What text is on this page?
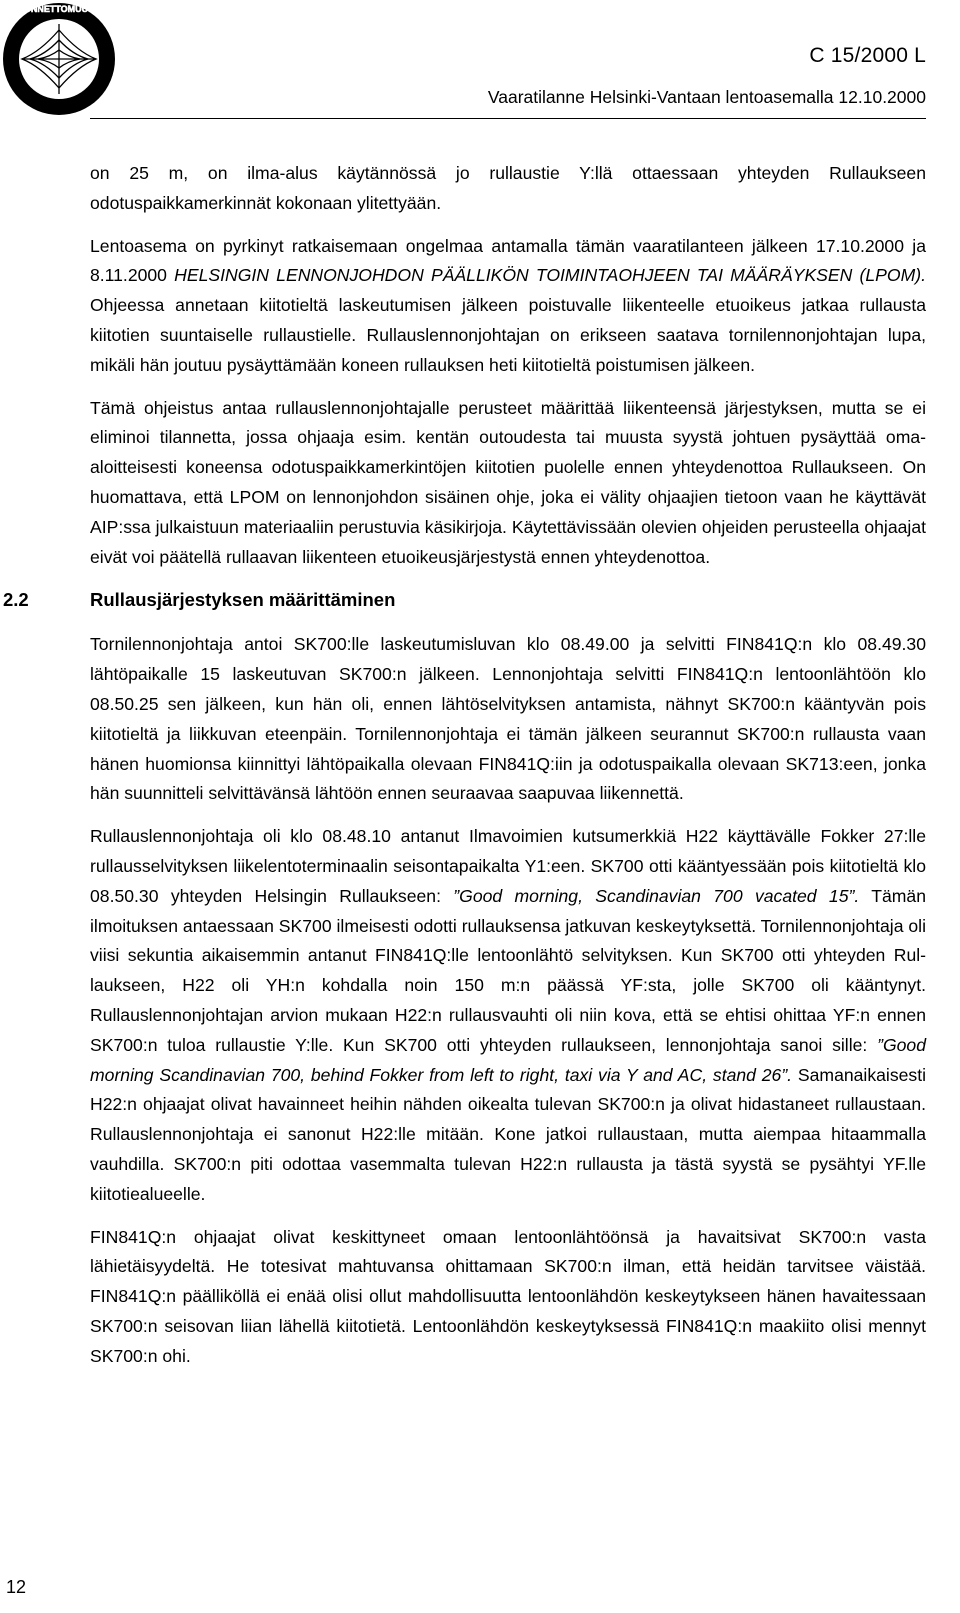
ONNETTOMUUS
C 15/2000 L
Vaaratilanne Helsinki-Vantaan lentoasemalla 12.10.2000

on 25 m, on ilma-alus käytännössä jo rullaustie Y:llä ottaessaan yhteyden Rullaukseen odotuspaikkamerkinnät kokonaan ylitettyään.

Lentoasema on pyrkinyt ratkaisemaan ongelmaa antamalla tämän vaaratilanteen jälkeen 17.10.2000 ja 8.11.2000 HELSINGIN LENNONJOHDON PÄÄLLIKÖN TOIMINTAOHJEEN TAI MÄÄRÄYKSEN (LPOM). Ohjeessa annetaan kiitotieltä laskeutumisen jälkeen poistuvalle liikenteelle etuoikeus jatkaa rullausta kiitotien suuntaiselle rullaustielle. Rullauslennonjohtajan on erikseen saatava tornilennonjohtajan lupa, mikäli hän joutuu pysäyttämään koneen rullauksen heti kiitotieltä poistumisen jälkeen.

Tämä ohjeistus antaa rullauslennonjohtajalle perusteet määrittää liikenteensä järjestyksen, mutta se ei eliminoi tilannetta, jossa ohjaaja esim. kentän outoudesta tai muusta syystä johtuen pysäyttää oma-aloitteisesti koneensa odotuspaikkamerkintöjen kiitotien puolelle ennen yhteydenottoa Rullaukseen. On huomattava, että LPOM on lennonjohdon sisäinen ohje, joka ei välity ohjaajien tietoon vaan he käyttävät AIP:ssa julkaistuun materiaaliin perustuvia käsikirjoja. Käytettävissään olevien ohjeiden perusteella ohjaajat eivät voi päätellä rullaavan liikenteen etuoikeusjärjestystä ennen yhteydenottoa.

2.2	Rullausjärjestyksen määrittäminen

Tornilennonjohtaja antoi SK700:lle laskeutumisluvan klo 08.49.00 ja selvitti FIN841Q:n klo 08.49.30 lähtöpaikalle 15 laskeutuvan SK700:n jälkeen. Lennonjohtaja selvitti FIN841Q:n lentoonlähtöön klo 08.50.25 sen jälkeen, kun hän oli, ennen lähtöselvityksen antamista, nähnyt SK700:n kääntyvän pois kiitotieltä ja liikkuvan eteenpäin. Tornilennonjohtaja ei tämän jälkeen seurannut SK700:n rullausta vaan hänen huomionsa kiinnittyi lähtöpaikalla olevaan FIN841Q:iin ja odotuspaikalla olevaan SK713:een, jonka hän suunnitteli selvittävänsä lähtöön ennen seuraavaa saapuvaa liikennettä.

Rullauslennonjohtaja oli klo 08.48.10 antanut Ilmavoimien kutsumerkkiä H22 käyttävälle Fokker 27:lle rullausselvityksen liikelentoterminaalin seisontapaikalta Y1:een. SK700 otti kääntyessään pois kiitotieltä klo 08.50.30 yhteyden Helsingin Rullaukseen: ”Good morning, Scandinavian 700 vacated 15”. Tämän ilmoituksen antaessaan SK700 ilmeisesti odotti rullauksensa jatkuvan keskeytyksettä. Tornilennonjohtaja oli viisi sekuntia aikaisemmin antanut FIN841Q:lle lentoonlähtö selvityksen. Kun SK700 otti yhteyden Rullaukseen, H22 oli YH:n kohdalla noin 150 m:n päässä YF:sta, jolle SK700 oli kääntynyt. Rullauslennonjohtajan arvion mukaan H22:n rullausvauhti oli niin kova, että se ehtisi ohittaa YF:n ennen SK700:n tuloa rullaustie Y:lle. Kun SK700 otti yhteyden rullaukseen, lennonjohtaja sanoi sille: ”Good morning Scandinavian 700, behind Fokker from left to right, taxi via Y and AC, stand 26”. Samanaikaisesti H22:n ohjaajat olivat havainneet heihin nähden oikealta tulevan SK700:n ja olivat hidastaneet rullaustaan. Rullauslennonjohtaja ei sanonut H22:lle mitään. Kone jatkoi rullaustaan, mutta aiempaa hitaammalla vauhdilla. SK700:n piti odottaa vasemmalta tulevan H22:n rullausta ja tästä syystä se pysähtyi YF.lle kiitotiealueelle.

FIN841Q:n ohjaajat olivat keskittyneet omaan lentoonlähtöönsä ja havaitsivat SK700:n vasta lähietäisyydeltä. He totesivat mahtuvansa ohittamaan SK700:n ilman, että heidän tarvitsee väistää. FIN841Q:n päälliköllä ei enää olisi ollut mahdollisuutta lentoonlähdön keskeytykseen hänen havaitessaan SK700:n seisovan liian lähellä kiitotietä. Lentoonlähdön keskeytyksessä FIN841Q:n maakiito olisi mennyt SK700:n ohi.

12
